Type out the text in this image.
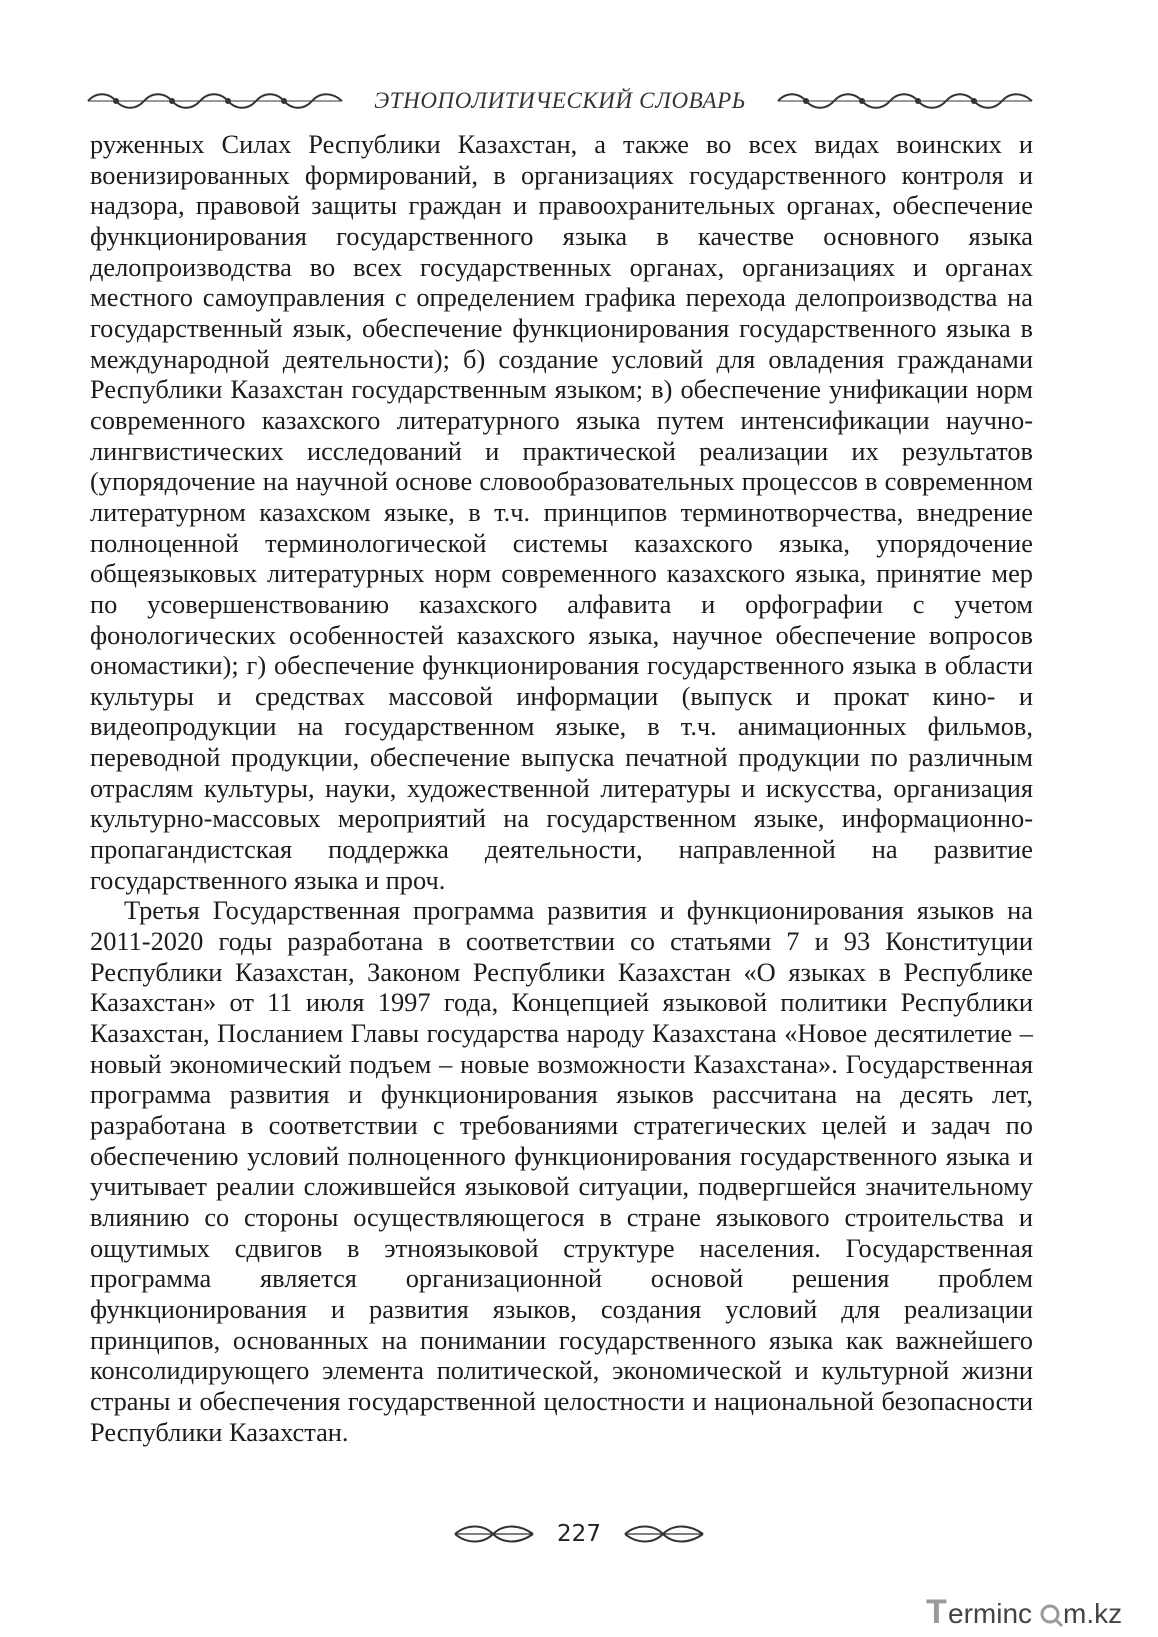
ЭТНОПОЛИТИЧЕСКИЙ СЛОВАРЬ

руженных Силах Республики Казахстан, а также во всех видах воинских и военизированных формирований, в организациях государственного контроля и надзора, правовой защиты граждан и правоохранительных органах, обеспечение функционирования государственного языка в качестве основного языка делопроизводства во всех государственных органах, организациях и органах местного самоуправления с определением графика перехода делопроизводства на государственный язык, обеспечение функционирования государственного языка в международной деятельности); б) создание условий для овладения гражданами Республики Казахстан государственным языком; в) обеспечение унификации норм современного казахского литературного языка путем интенсификации научно-лингвистических исследований и практической реализации их результатов (упорядочение на научной основе словообразовательных процессов в современном литературном казахском языке, в т.ч. принципов терминотворчества, внедрение полноценной терминологической системы казахского языка, упорядочение общеязыковых литературных норм современного казахского языка, принятие мер по усовершенствованию казахского алфавита и орфографии с учетом фонологических особенностей казахского языка, научное обеспечение вопросов ономастики); г) обеспечение функционирования государственного языка в области культуры и средствах массовой информации (выпуск и прокат кино- и видеопродукции на государственном языке, в т.ч. анимационных фильмов, переводной продукции, обеспечение выпуска печатной продукции по различным отраслям культуры, науки, художественной литературы и искусства, организация культурно-массовых мероприятий на государственном языке, информационно-пропагандистская поддержка деятельности, направленной на развитие государственного языка и проч.

Третья Государственная программа развития и функционирования языков на 2011-2020 годы разработана в соответствии со статьями 7 и 93 Конституции Республики Казахстан, Законом Республики Казахстан «О языках в Республике Казахстан» от 11 июля 1997 года, Концепцией языковой политики Республики Казахстан, Посланием Главы государства народу Казахстана «Новое десятилетие – новый экономический подъем – новые возможности Казахстана». Государственная программа развития и функционирования языков рассчитана на десять лет, разработана в соответствии с требованиями стратегических целей и задач по обеспечению условий полноценного функционирования государственного языка и учитывает реалии сложившейся языковой ситуации, подвергшейся значительному влиянию со стороны осуществляющегося в стране языкового строительства и ощутимых сдвигов в этноязыковой структуре населения. Государственная программа является организационной основой решения проблем функционирования и развития языков, создания условий для реализации принципов, основанных на понимании государственного языка как важнейшего консолидирующего элемента политической, экономической и культурной жизни страны и обеспечения государственной целостности и национальной безопасности Республики Казахстан.

227
T erminc m.kz
